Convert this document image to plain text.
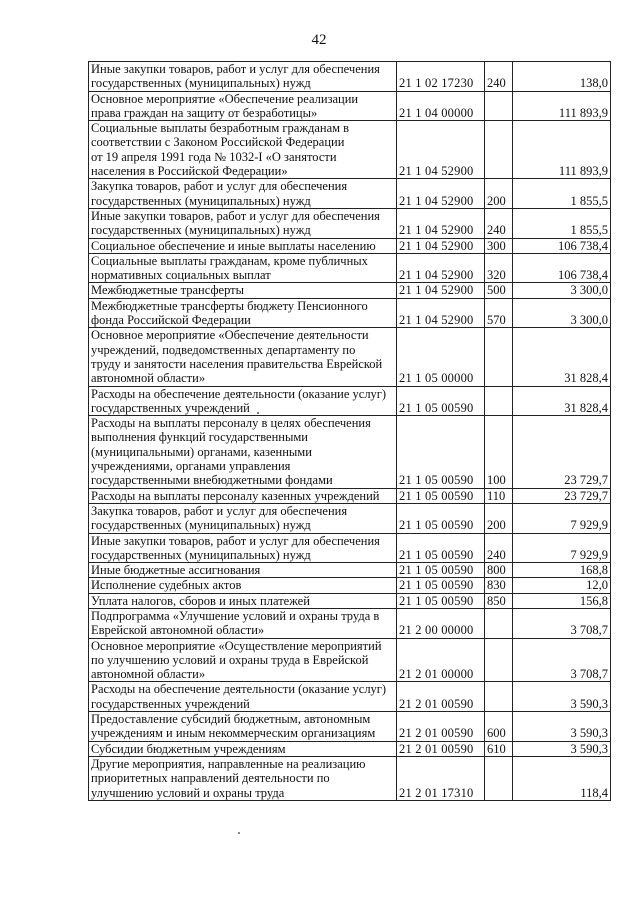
42
Иные закупки товаров, работ и услуг для обеспечения
государственных (муниципальных) нужд	21 1 02 17230	240	138,0
Основное мероприятие «Обеспечение реализации
права граждан на защиту от безработицы»	21 1 04 00000		111 893,9
Социальные выплаты безработным гражданам в
соответствии с Законом Российской Федерации
от 19 апреля 1991 года № 1032-I «О занятости
населения в Российской Федерации»	21 1 04 52900		111 893,9
Закупка товаров, работ и услуг для обеспечения
государственных (муниципальных) нужд	21 1 04 52900	200	1 855,5
Иные закупки товаров, работ и услуг для обеспечения
государственных (муниципальных) нужд	21 1 04 52900	240	1 855,5
Социальное обеспечение и иные выплаты населению	21 1 04 52900	300	106 738,4
Социальные выплаты гражданам, кроме публичных
нормативных социальных выплат	21 1 04 52900	320	106 738,4
Межбюджетные трансферты	21 1 04 52900	500	3 300,0
Межбюджетные трансферты бюджету Пенсионного
фонда Российской Федерации	21 1 04 52900	570	3 300,0
Основное мероприятие «Обеспечение деятельности
учреждений, подведомственных департаменту по
труду и занятости населения правительства Еврейской
автономной области»	21 1 05 00000		31 828,4
Расходы на обеспечение деятельности (оказание услуг)
государственных учреждений	21 1 05 00590		31 828,4
Расходы на выплаты персоналу в целях обеспечения
выполнения функций государственными
(муниципальными) органами, казенными
учреждениями, органами управления
государственными внебюджетными фондами	21 1 05 00590	100	23 729,7
Расходы на выплаты персоналу казенных учреждений	21 1 05 00590	110	23 729,7
Закупка товаров, работ и услуг для обеспечения
государственных (муниципальных) нужд	21 1 05 00590	200	7 929,9
Иные закупки товаров, работ и услуг для обеспечения
государственных (муниципальных) нужд	21 1 05 00590	240	7 929,9
Иные бюджетные ассигнования	21 1 05 00590	800	168,8
Исполнение судебных актов	21 1 05 00590	830	12,0
Уплата налогов, сборов и иных платежей	21 1 05 00590	850	156,8
Подпрограмма «Улучшение условий и охраны труда в
Еврейской автономной области»	21 2 00 00000		3 708,7
Основное мероприятие «Осуществление мероприятий
по улучшению условий и охраны труда в Еврейской
автономной области»	21 2 01 00000		3 708,7
Расходы на обеспечение деятельности (оказание услуг)
государственных учреждений	21 2 01 00590		3 590,3
Предоставление субсидий бюджетным, автономным
учреждениям и иным некоммерческим организациям	21 2 01 00590	600	3 590,3
Субсидии бюджетным учреждениям	21 2 01 00590	610	3 590,3
Другие мероприятия, направленные на реализацию
приоритетных направлений деятельности по
улучшению условий и охраны труда	21 2 01 17310		118,4
